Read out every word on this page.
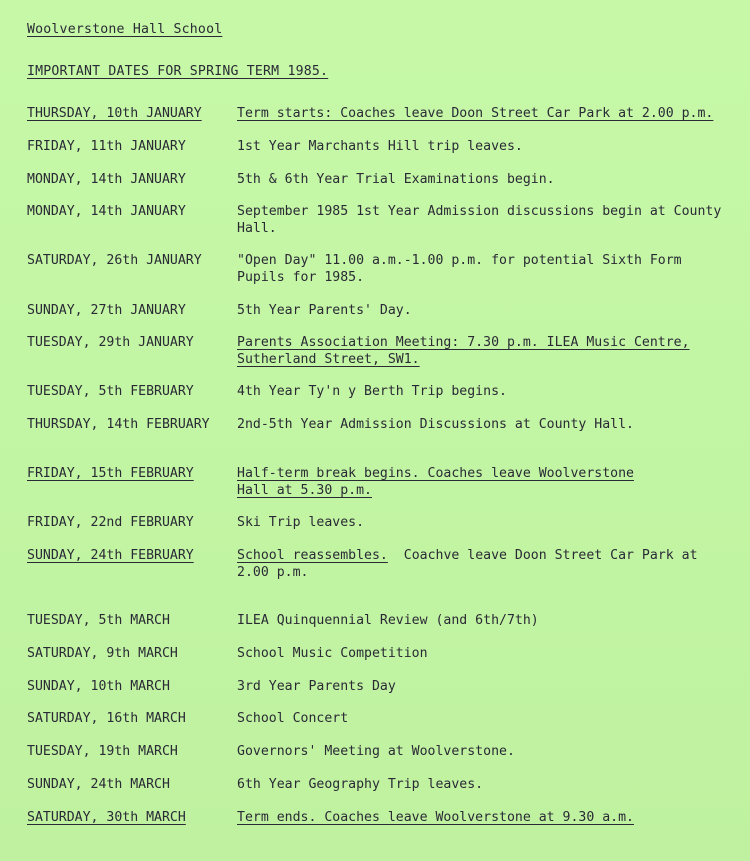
Woolverstone Hall School
IMPORTANT DATES FOR SPRING TERM 1985.
THURSDAY, 10th JANUARY	Term starts: Coaches leave Doon Street Car Park at 2.00 p.m.
FRIDAY, 11th JANUARY	1st Year Marchants Hill trip leaves.
MONDAY, 14th JANUARY	5th & 6th Year Trial Examinations begin.
MONDAY, 14th JANUARY	September 1985 1st Year Admission discussions begin at County Hall.
SATURDAY, 26th JANUARY	"Open Day" 11.00 a.m.-1.00 p.m. for potential Sixth Form Pupils for 1985.
SUNDAY, 27th JANUARY	5th Year Parents' Day.
TUESDAY, 29th JANUARY	Parents Association Meeting: 7.30 p.m. ILEA Music Centre, Sutherland Street, SW1.
TUESDAY, 5th FEBRUARY	4th Year Ty'n y Berth Trip begins.
THURSDAY, 14th FEBRUARY	2nd-5th Year Admission Discussions at County Hall.
FRIDAY, 15th FEBRUARY	Half-term break begins. Coaches leave Woolverstone Hall at 5.30 p.m.
FRIDAY, 22nd FEBRUARY	Ski Trip leaves.
SUNDAY, 24th FEBRUARY	School reassembles. Coachve leave Doon Street Car Park at 2.00 p.m.
TUESDAY, 5th MARCH	ILEA Quinquennial Review (and 6th/7th)
SATURDAY, 9th MARCH	School Music Competition
SUNDAY, 10th MARCH	3rd Year Parents Day
SATURDAY, 16th MARCH	School Concert
TUESDAY, 19th MARCH	Governors' Meeting at Woolverstone.
SUNDAY, 24th MARCH	6th Year Geography Trip leaves.
SATURDAY, 30th MARCH	Term ends. Coaches leave Woolverstone at 9.30 a.m.
